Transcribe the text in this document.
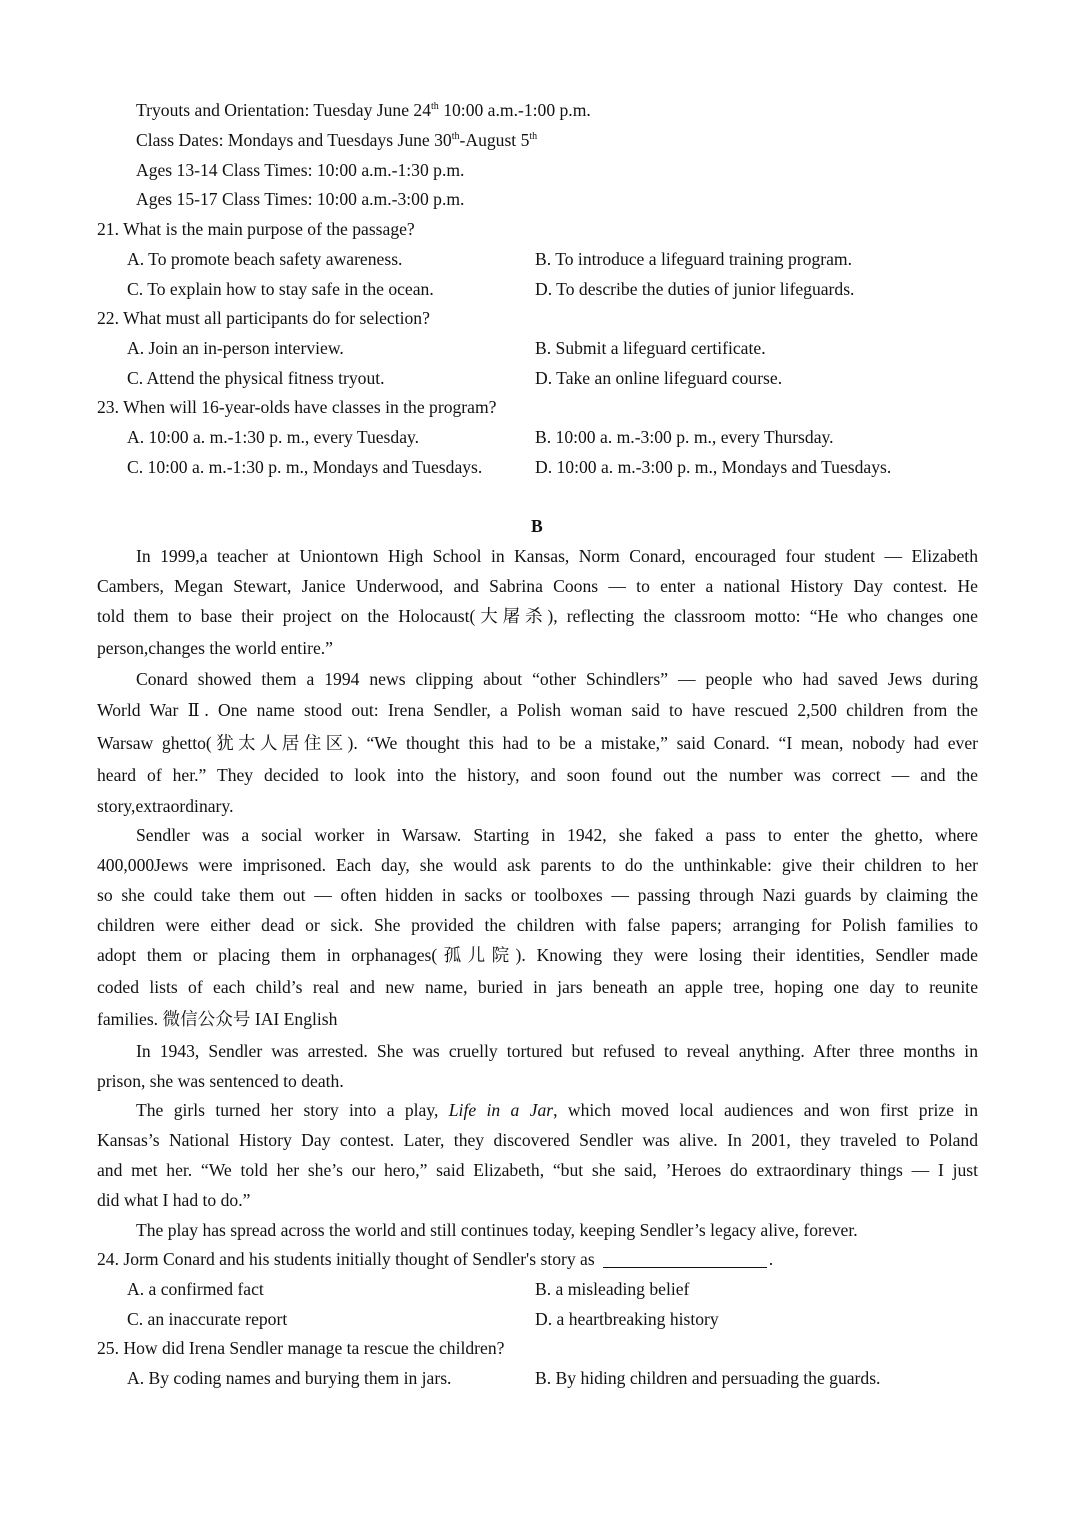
Tryouts and Orientation: Tuesday June 24th 10:00 a.m.-1:00 p.m.
Class Dates: Mondays and Tuesdays June 30th-August 5th
Ages 13-14 Class Times: 10:00 a.m.-1:30 p.m.
Ages 15-17 Class Times: 10:00 a.m.-3:00 p.m.
21. What is the main purpose of the passage?
A. To promote beach safety awareness.	B. To introduce a lifeguard training program.
C. To explain how to stay safe in the ocean.	D. To describe the duties of junior lifeguards.
22. What must all participants do for selection?
A. Join an in-person interview.	B. Submit a lifeguard certificate.
C. Attend the physical fitness tryout.	D. Take an online lifeguard course.
23. When will 16-year-olds have classes in the program?
A. 10:00 a. m.-1:30 p. m., every Tuesday.	B. 10:00 a. m.-3:00 p. m., every Thursday.
C. 10:00 a. m.-1:30 p. m., Mondays and Tuesdays.	D. 10:00 a. m.-3:00 p. m., Mondays and Tuesdays.
B
In 1999,a teacher at Uniontown High School in Kansas, Norm Conard, encouraged four student — Elizabeth
Cambers, Megan Stewart, Janice Underwood, and Sabrina Coons — to enter a national History Day contest. He
told them to base their project on the Holocaust(大屠杀), reflecting the classroom motto: “He who changes one
person,changes the world entire.”
Conard showed them a 1994 news clipping about “other Schindlers” — people who had saved Jews during
World War Ⅱ. One name stood out: Irena Sendler, a Polish woman said to have rescued 2,500 children from the
Warsaw ghetto(犹太人居住区). “We thought this had to be a mistake,” said Conard. “I mean, nobody had ever
heard of her.” They decided to look into the history, and soon found out the number was correct — and the
story,extraordinary.
Sendler was a social worker in Warsaw. Starting in 1942, she faked a pass to enter the ghetto, where
400,000Jews were imprisoned. Each day, she would ask parents to do the unthinkable: give their children to her
so she could take them out — often hidden in sacks or toolboxes — passing through Nazi guards by claiming the
children were either dead or sick. She provided the children with false papers; arranging for Polish families to
adopt them or placing them in orphanages(孤儿院). Knowing they were losing their identities, Sendler made
coded lists of each child’s real and new name, buried in jars beneath an apple tree, hoping one day to reunite
families. 微信公众号 IAI English
In 1943, Sendler was arrested. She was cruelly tortured but refused to reveal anything. After three months in
prison, she was sentenced to death.
The girls turned her story into a play, Life in a Jar, which moved local audiences and won first prize in
Kansas’s National History Day contest. Later, they discovered Sendler was alive. In 2001, they traveled to Poland
and met her. “We told her she’s our hero,” said Elizabeth, “but she said, ’Heroes do extraordinary things — I just
did what I had to do.”
The play has spread across the world and still continues today, keeping Sendler’s legacy alive, forever.
24. Jorm Conard and his students initially thought of Sendler's story as	.
A. a confirmed fact	B. a misleading belief
C. an inaccurate report	D. a heartbreaking history
25. How did Irena Sendler manage ta rescue the children?
A. By coding names and burying them in jars.	B. By hiding children and persuading the guards.
